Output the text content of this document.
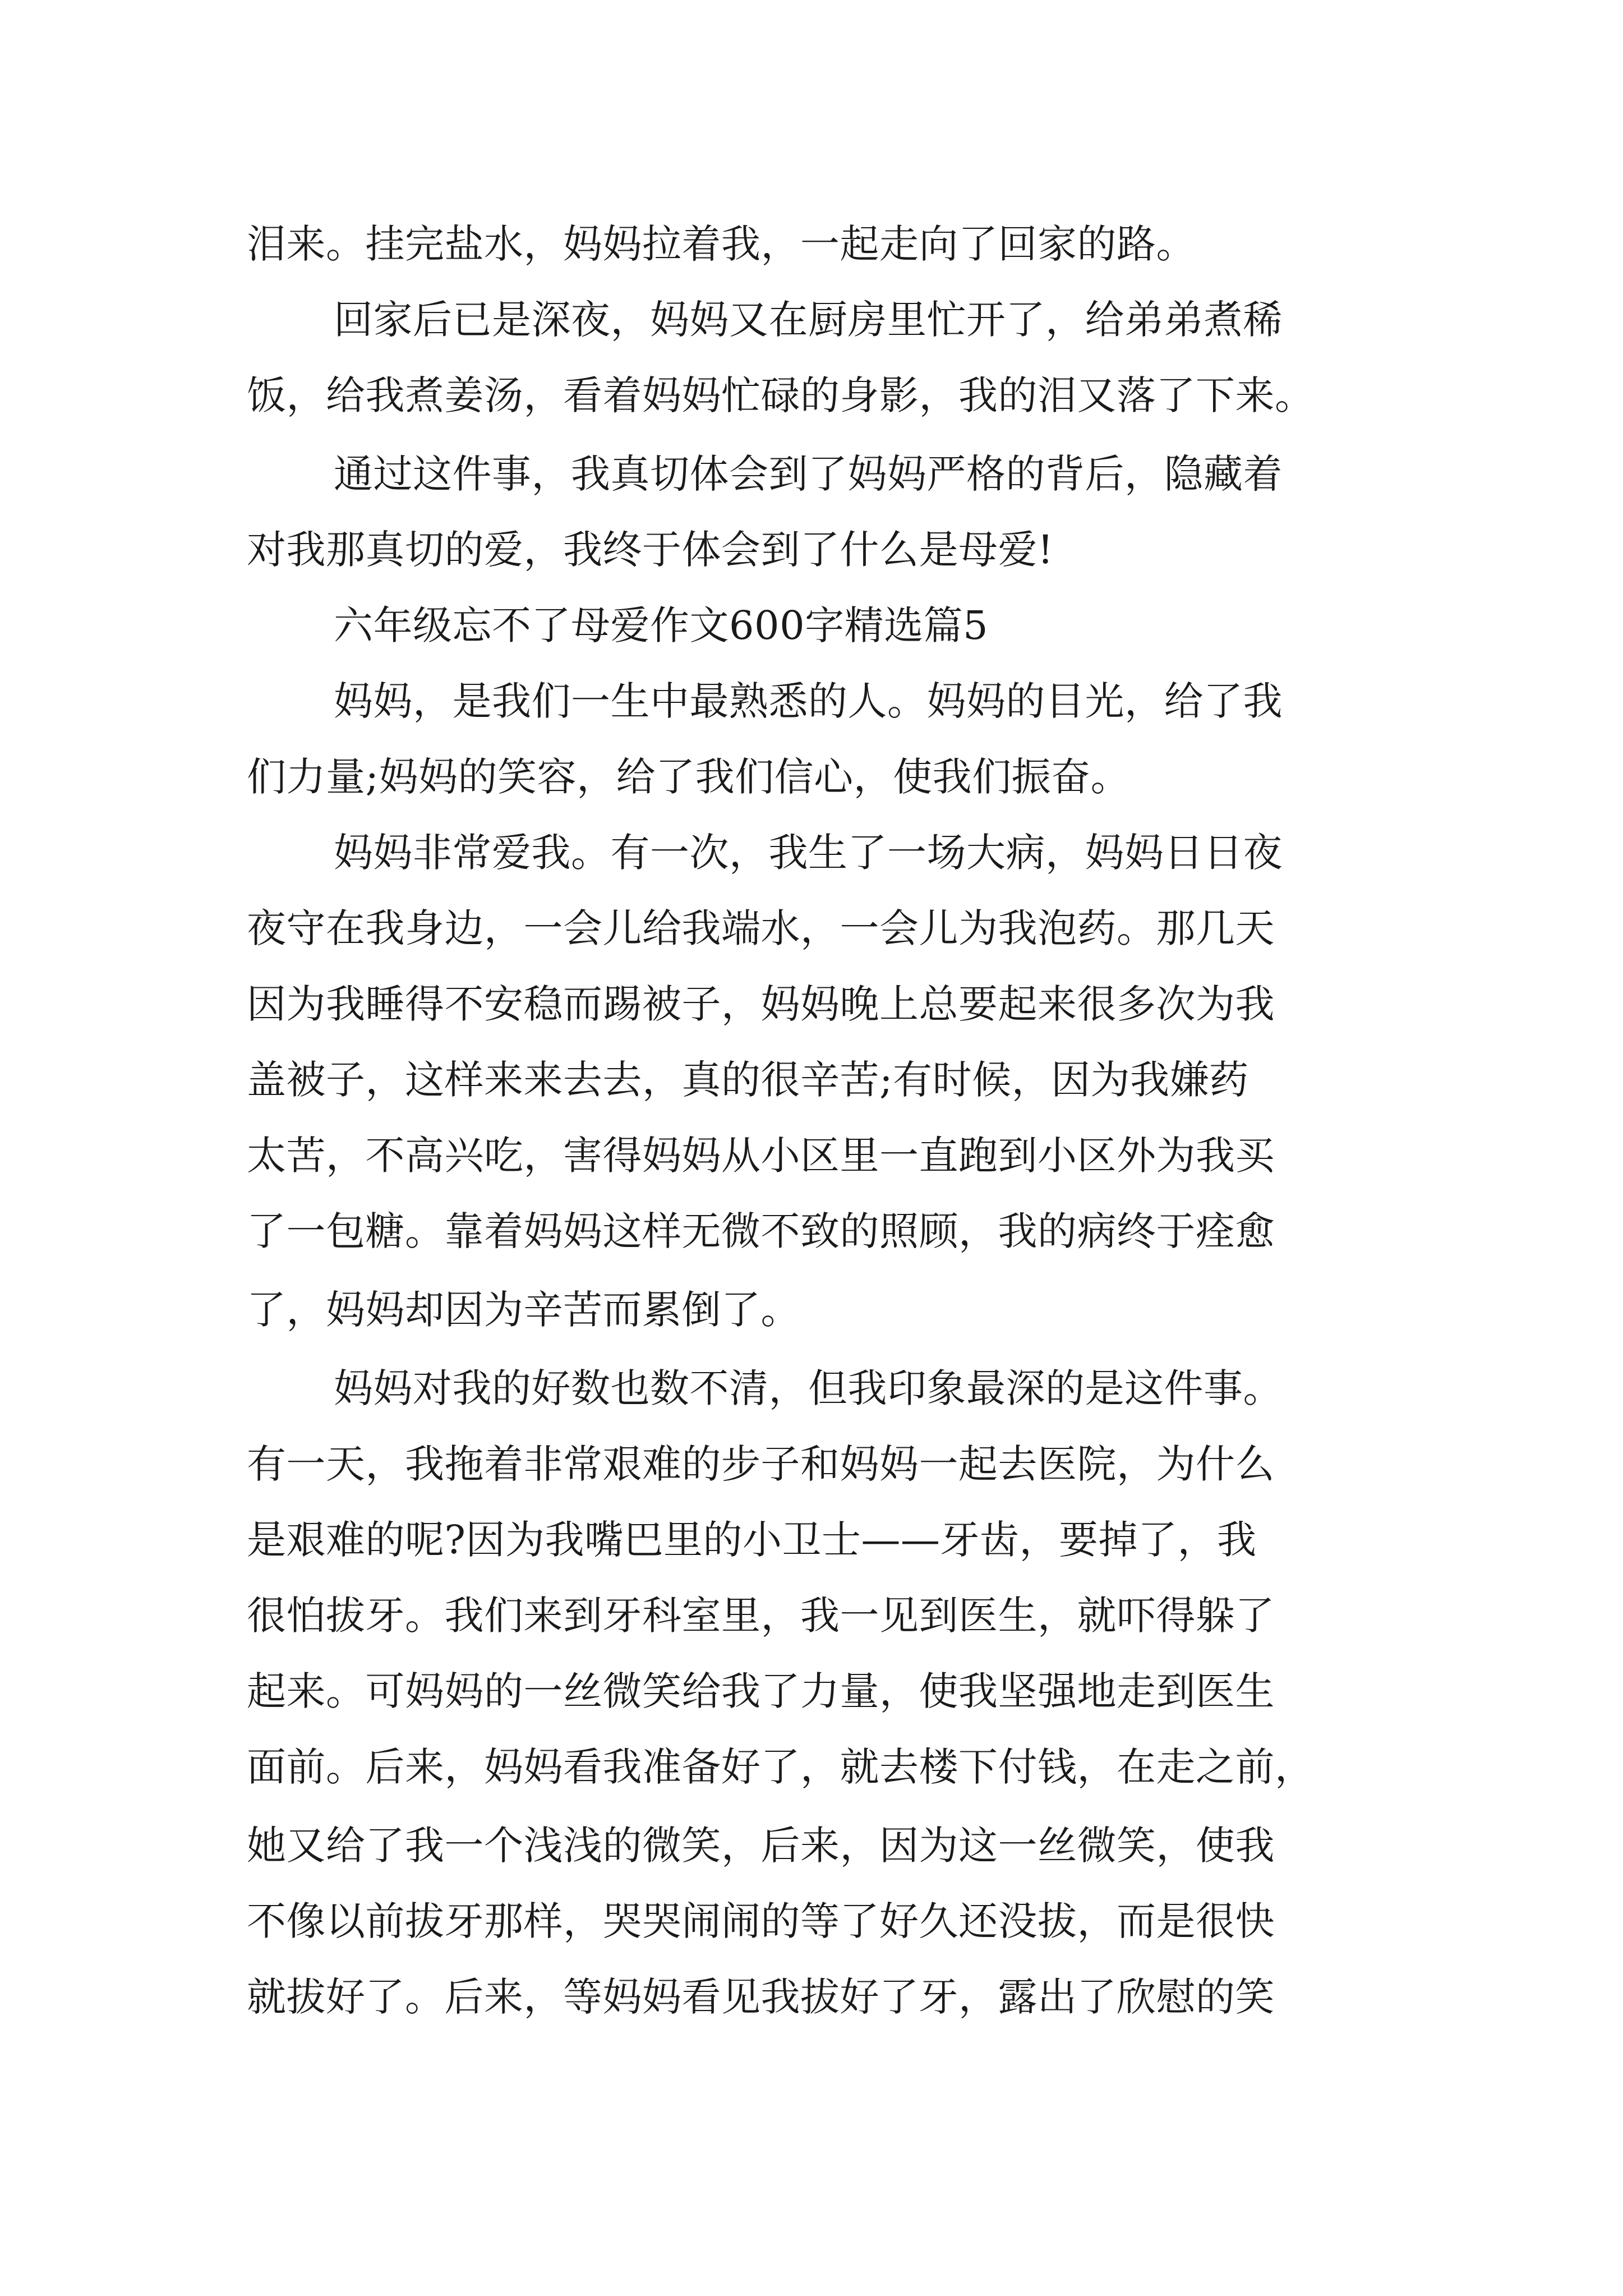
泪来。挂完盐水，妈妈拉着我，一起走向了回家的路。

回家后已是深夜，妈妈又在厨房里忙开了，给弟弟煮稀

饭，给我煮姜汤，看着妈妈忙碌的身影，我的泪又落了下来。

通过这件事，我真切体会到了妈妈严格的背后，隐藏着

对我那真切的爱，我终于体会到了什么是母爱!

六年级忘不了母爱作文600字精选篇5

妈妈，是我们一生中最熟悉的人。妈妈的目光，给了我

们力量;妈妈的笑容，给了我们信心，使我们振奋。

妈妈非常爱我。有一次，我生了一场大病，妈妈日日夜

夜守在我身边，一会儿给我端水，一会儿为我泡药。那几天

因为我睡得不安稳而踢被子，妈妈晚上总要起来很多次为我

盖被子，这样来来去去，真的很辛苦;有时候，因为我嫌药

太苦，不高兴吃，害得妈妈从小区里一直跑到小区外为我买

了一包糖。靠着妈妈这样无微不致的照顾，我的病终于痊愈

了，妈妈却因为辛苦而累倒了。

妈妈对我的好数也数不清，但我印象最深的是这件事。

有一天，我拖着非常艰难的步子和妈妈一起去医院，为什么

是艰难的呢?因为我嘴巴里的小卫士——牙齿，要掉了，我

很怕拔牙。我们来到牙科室里，我一见到医生，就吓得躲了

起来。可妈妈的一丝微笑给我了力量，使我坚强地走到医生

面前。后来，妈妈看我准备好了，就去楼下付钱，在走之前，

她又给了我一个浅浅的微笑，后来，因为这一丝微笑，使我

不像以前拔牙那样，哭哭闹闹的等了好久还没拔，而是很快

就拔好了。后来，等妈妈看见我拔好了牙，露出了欣慰的笑
